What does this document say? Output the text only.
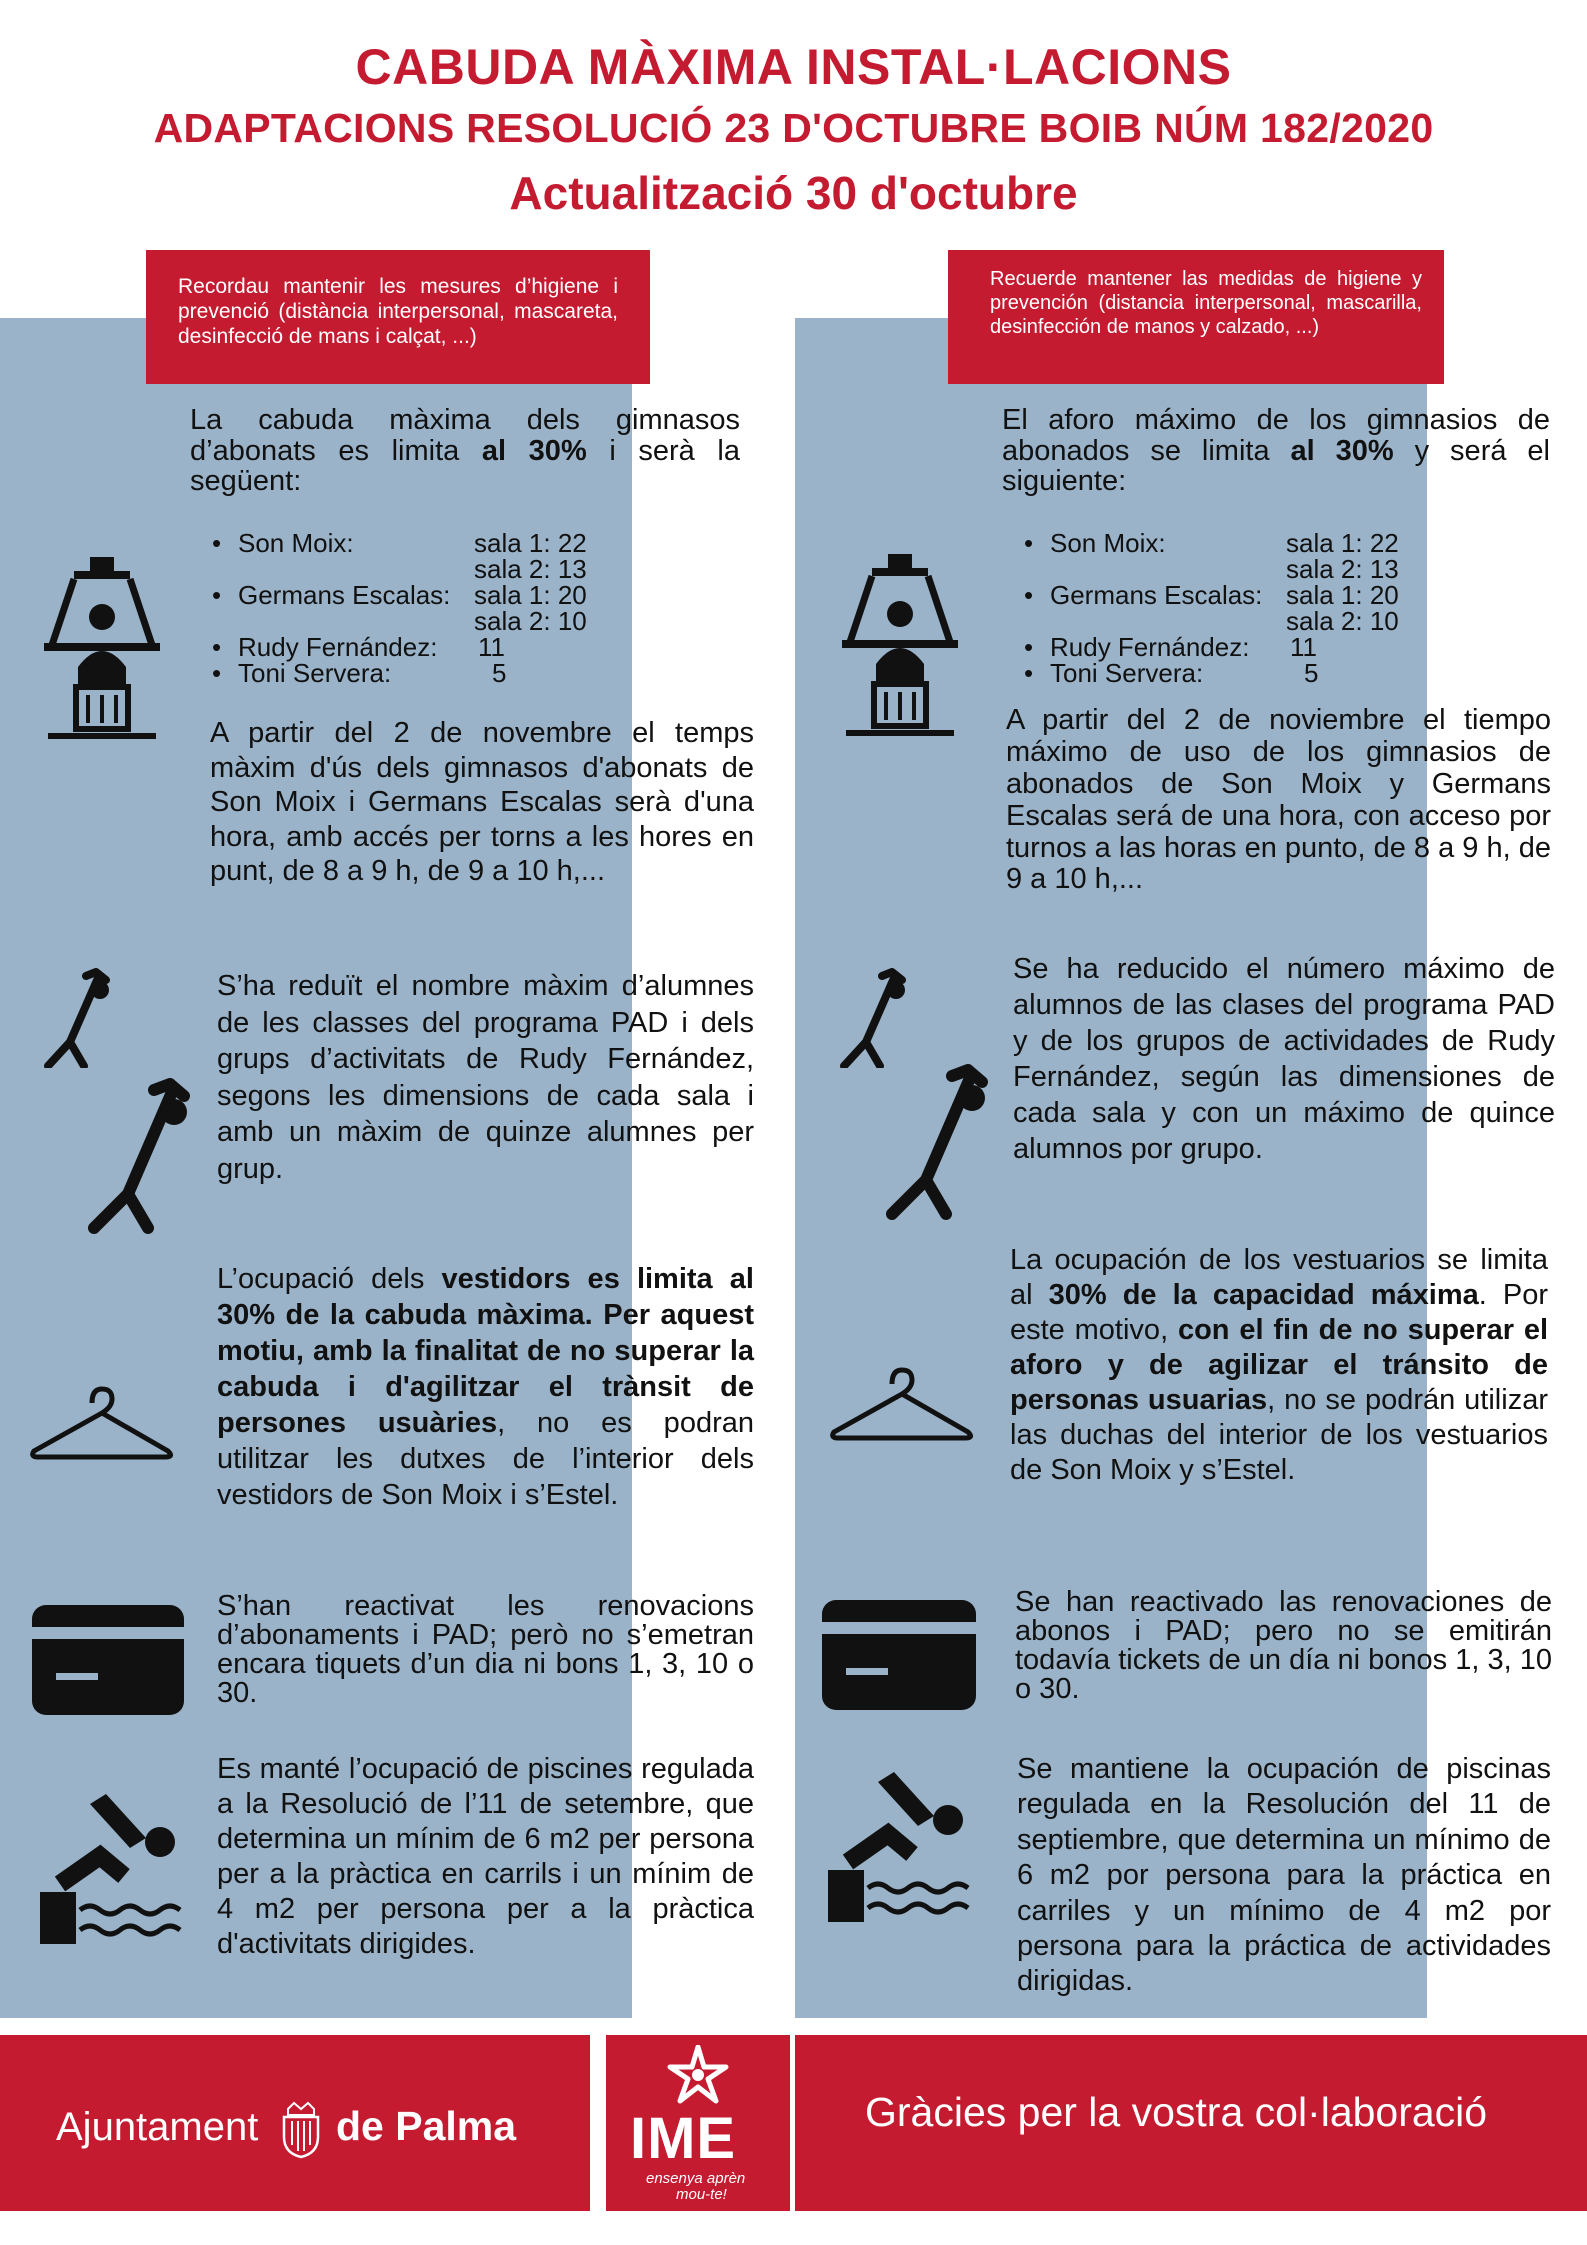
CABUDA MÀXIMA INSTAL·LACIONS
ADAPTACIONS RESOLUCIÓ 23 D'OCTUBRE BOIB NÚM 182/2020
Actualització 30 d'octubre
Recordau mantenir les mesures d’higiene i prevenció (distància interpersonal, mascareta, desinfecció de mans i calçat, ...)
Recuerde mantener las medidas de higiene y prevención (distancia interpersonal, mascarilla, desinfección de manos y calzado, ...)
La cabuda màxima dels gimnasos d’abonats es limita al 30% i serà la següent:
• Son Moix:	sala 1: 22
sala 2: 13
• Germans Escalas: sala 1: 20
sala 2: 10
• Rudy Fernández: 11
• Toni Servera:	5
A partir del 2 de novembre el temps màxim d'ús dels gimnasos d'abonats de Son Moix i Germans Escalas serà d'una hora, amb accés per torns a les hores en punt, de 8 a 9 h, de 9 a 10 h,...
S’ha reduït el nombre màxim d’alumnes de les classes del programa PAD i dels grups d’activitats de Rudy Fernández, segons les dimensions de cada sala i amb un màxim de quinze alumnes per grup.
L’ocupació dels vestidors es limita al 30% de la cabuda màxima. Per aquest motiu, amb la finalitat de no superar la cabuda i d'agilitzar el trànsit de persones usuàries, no es podran utilitzar les dutxes de l’interior dels vestidors de Son Moix i s’Estel.
S’han reactivat les renovacions d’abonaments i PAD; però no s’emetran encara tiquets d’un dia ni bons 1, 3, 10 o 30.
Es manté l’ocupació de piscines regulada a la Resolució de l’11 de setembre, que determina un mínim de 6 m2 per persona per a la pràctica en carrils i un mínim de 4 m2 per persona per a la pràctica d'activitats dirigides.
El aforo máximo de los gimnasios de abonados se limita al 30% y será el siguiente:
• Son Moix:	sala 1: 22
sala 2: 13
• Germans Escalas: sala 1: 20
sala 2: 10
• Rudy Fernández: 11
• Toni Servera:	5
A partir del 2 de noviembre el tiempo máximo de uso de los gimnasios de abonados de Son Moix y Germans Escalas será de una hora, con acceso por turnos a las horas en punto, de 8 a 9 h, de 9 a 10 h,...
Se ha reducido el número máximo de alumnos de las clases del programa PAD y de los grupos de actividades de Rudy Fernández, según las dimensiones de cada sala y con un máximo de quince alumnos por grupo.
La ocupación de los vestuarios se limita al 30% de la capacidad máxima. Por este motivo, con el fin de no superar el aforo y de agilizar el tránsito de personas usuarias, no se podrán utilizar las duchas del interior de los vestuarios de Son Moix y s’Estel.
Se han reactivado las renovaciones de abonos i PAD; pero no se emitirán todavía tickets de un día ni bonos 1, 3, 10 o 30.
Se mantiene la ocupación de piscinas regulada en la Resolución del 11 de septiembre, que determina un mínimo de 6 m2 por persona para la práctica en carriles y un mínimo de 4 m2 por persona para la práctica de actividades dirigidas.
Ajuntament de Palma IME
ensenya aprèn
mou-te!
Gràcies per la vostra col·laboració
